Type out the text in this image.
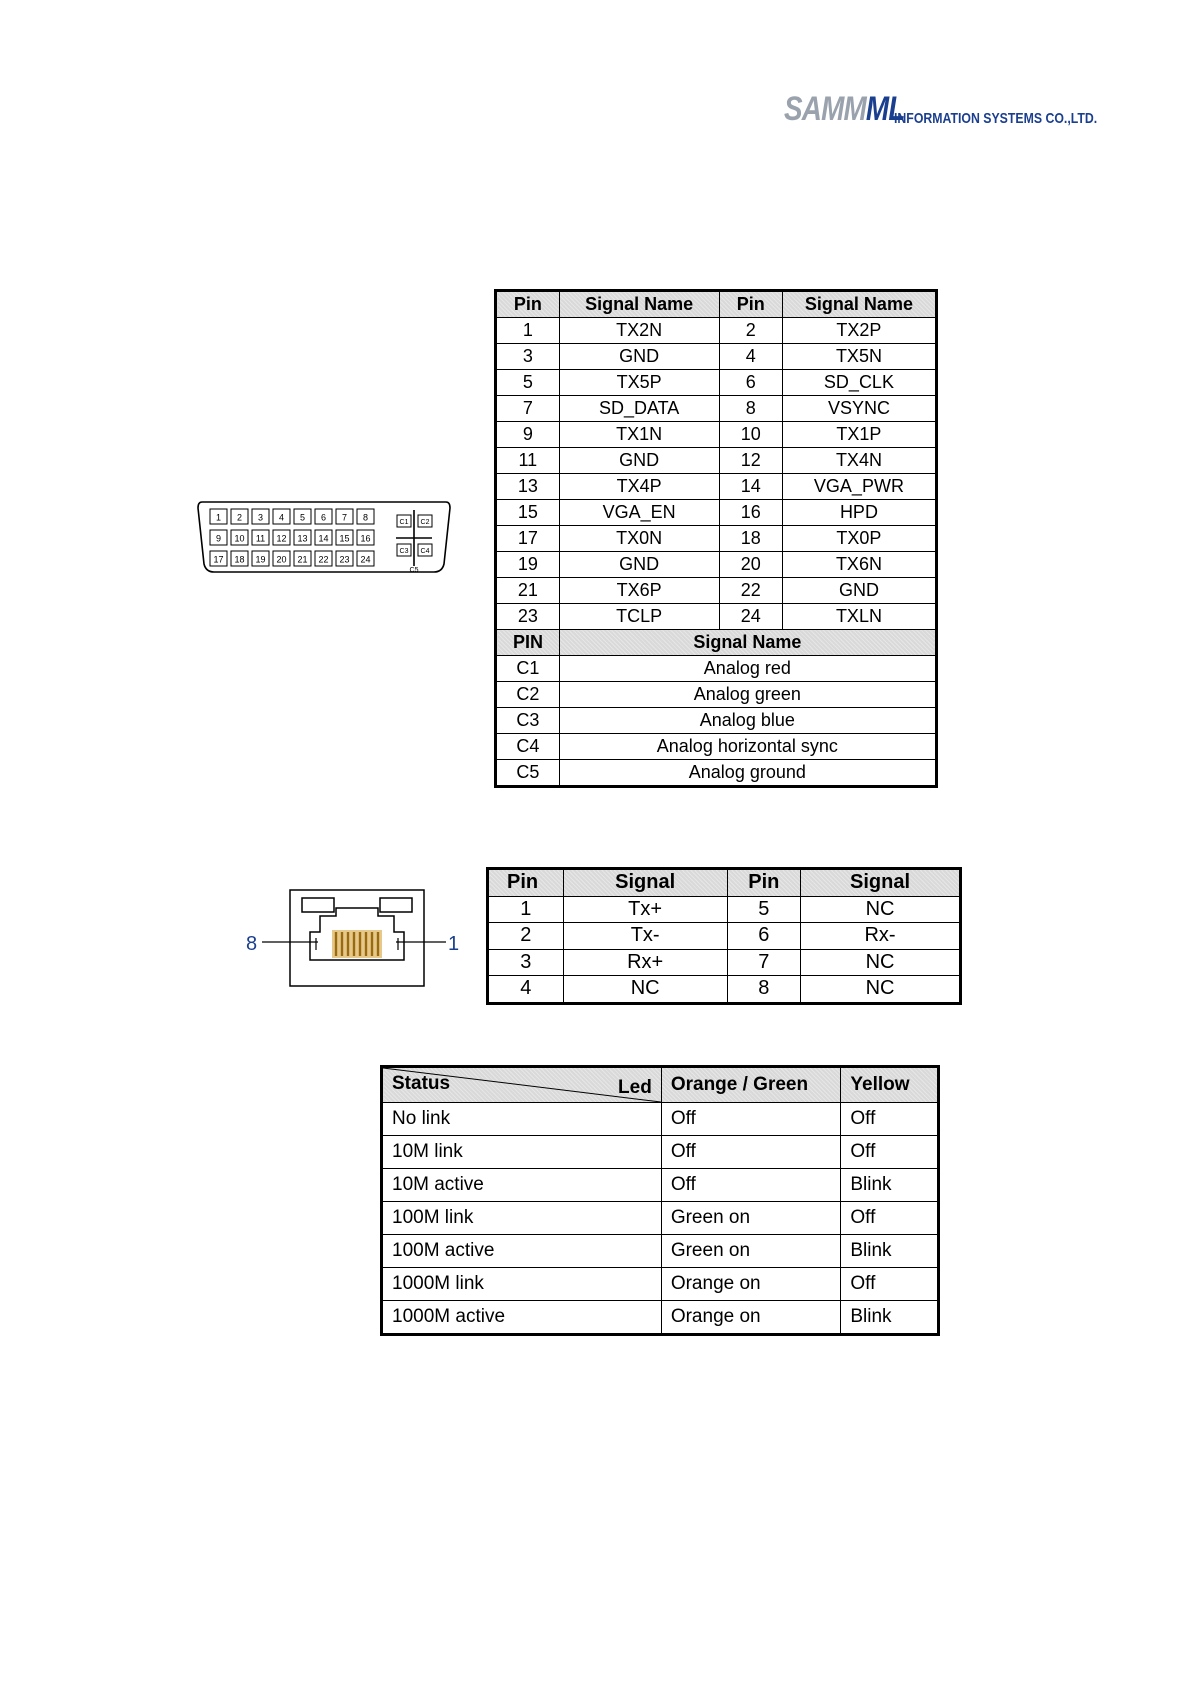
SAMMML
INFORMATION SYSTEMS CO.,LTD.
1 2 3 4 5 6 7 8
9 10 11 12 13 14 15 16
17 18 19 20 21 22 23 24
C1 C2
C3 C4
C5
Pin	Signal Name	Pin	Signal Name
1	TX2N	2	TX2P
3	GND	4	TX5N
5	TX5P	6	SD_CLK
7	SD_DATA	8	VSYNC
9	TX1N	10	TX1P
11	GND	12	TX4N
13	TX4P	14	VGA_PWR
15	VGA_EN	16	HPD
17	TX0N	18	TX0P
19	GND	20	TX6N
21	TX6P	22	GND
23	TCLP	24	TXLN
PIN	Signal Name		
C1	Analog red		
C2	Analog green		
C3	Analog blue		
C4	Analog horizontal sync		
C5	Analog ground		
8	1
Pin	Signal	Pin	Signal
1	Tx+	5	NC
2	Tx-	6	Rx-
3	Rx+	7	NC
4	NC	8	NC
Status Led	Orange / Green	Yellow
No link	Off	Off
10M link	Off	Off
10M active	Off	Blink
100M link	Green on	Off
100M active	Green on	Blink
1000M link	Orange on	Off
1000M active	Orange on	Blink
